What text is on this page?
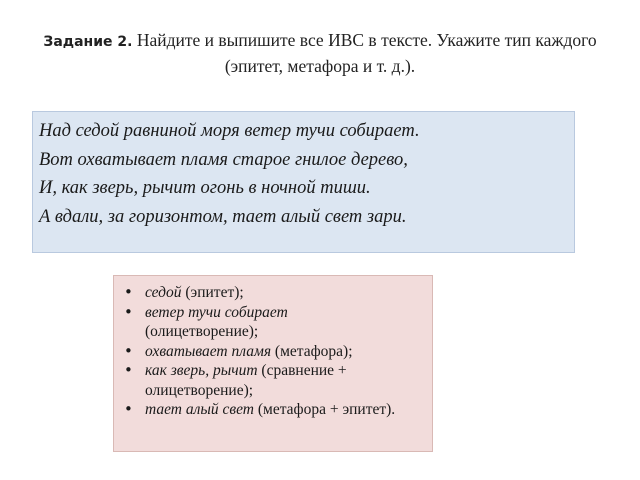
Задание 2. Найдите и выпишите все ИВС в тексте. Укажите тип каждого (эпитет, метафора и т. д.).
Над седой равниной моря ветер тучи собирает.
Вот охватывает пламя старое гнилое дерево,
И, как зверь, рычит огонь в ночной тиши.
А вдали, за горизонтом, тает алый свет зари.
• седой (эпитет);
• ветер тучи собирает
(олицетворение);
• охватывает пламя (метафора);
• как зверь, рычит (сравнение + олицетворение);
• тает алый свет (метафора + эпитет).
